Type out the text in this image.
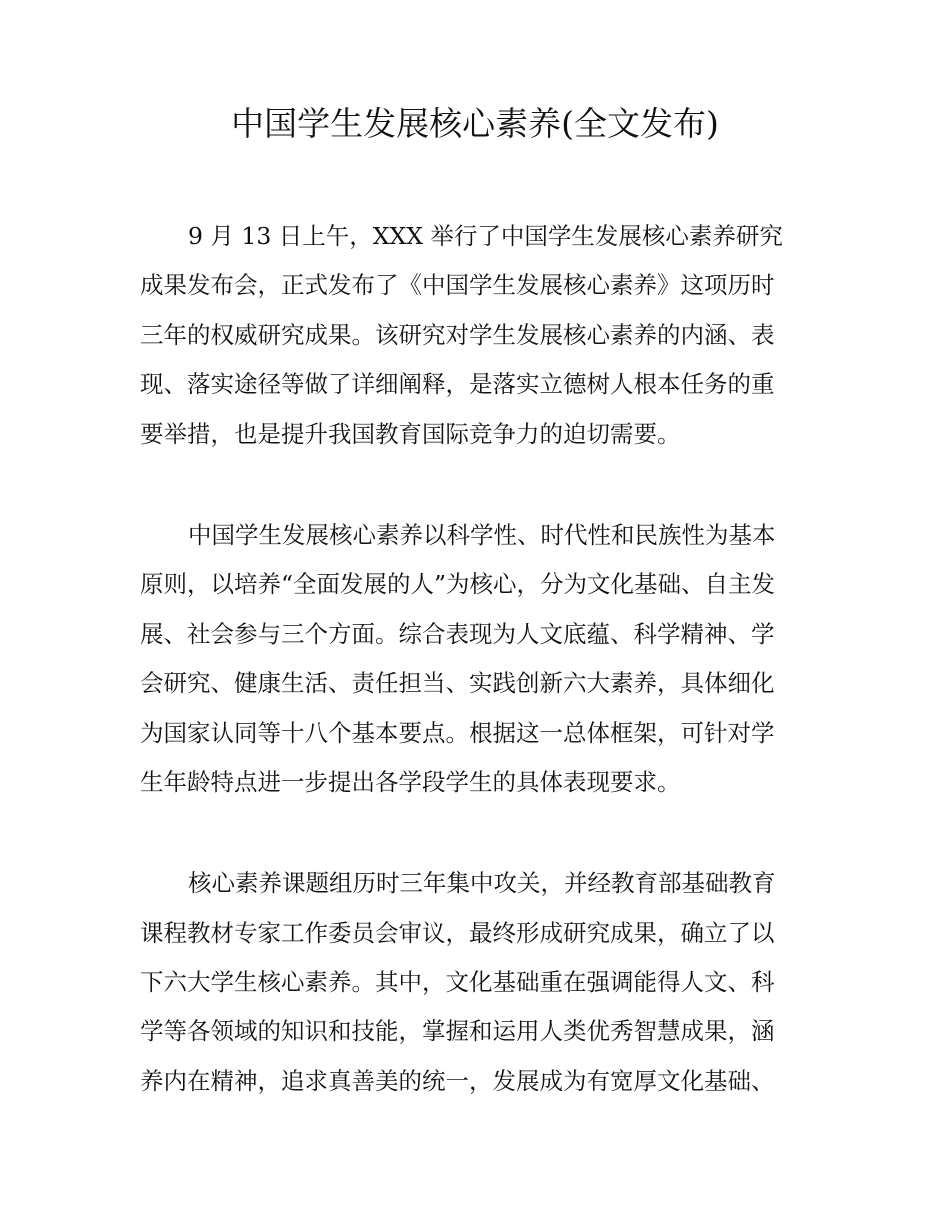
中国学生发展核心素养(全文发布)

9 月 13 日上午，XXX 举行了中国学生发展核心素养研究
成果发布会，正式发布了《中国学生发展核心素养》这项历时
三年的权威研究成果。该研究对学生发展核心素养的内涵、表
现、落实途径等做了详细阐释，是落实立德树人根本任务的重
要举措，也是提升我国教育国际竞争力的迫切需要。

中国学生发展核心素养以科学性、时代性和民族性为基本
原则，以培养“全面发展的人”为核心，分为文化基础、自主发
展、社会参与三个方面。综合表现为人文底蕴、科学精神、学
会研究、健康生活、责任担当、实践创新六大素养，具体细化
为国家认同等十八个基本要点。根据这一总体框架，可针对学
生年龄特点进一步提出各学段学生的具体表现要求。

核心素养课题组历时三年集中攻关，并经教育部基础教育
课程教材专家工作委员会审议，最终形成研究成果，确立了以
下六大学生核心素养。其中，文化基础重在强调能得人文、科
学等各领域的知识和技能，掌握和运用人类优秀智慧成果，涵
养内在精神，追求真善美的统一，发展成为有宽厚文化基础、
